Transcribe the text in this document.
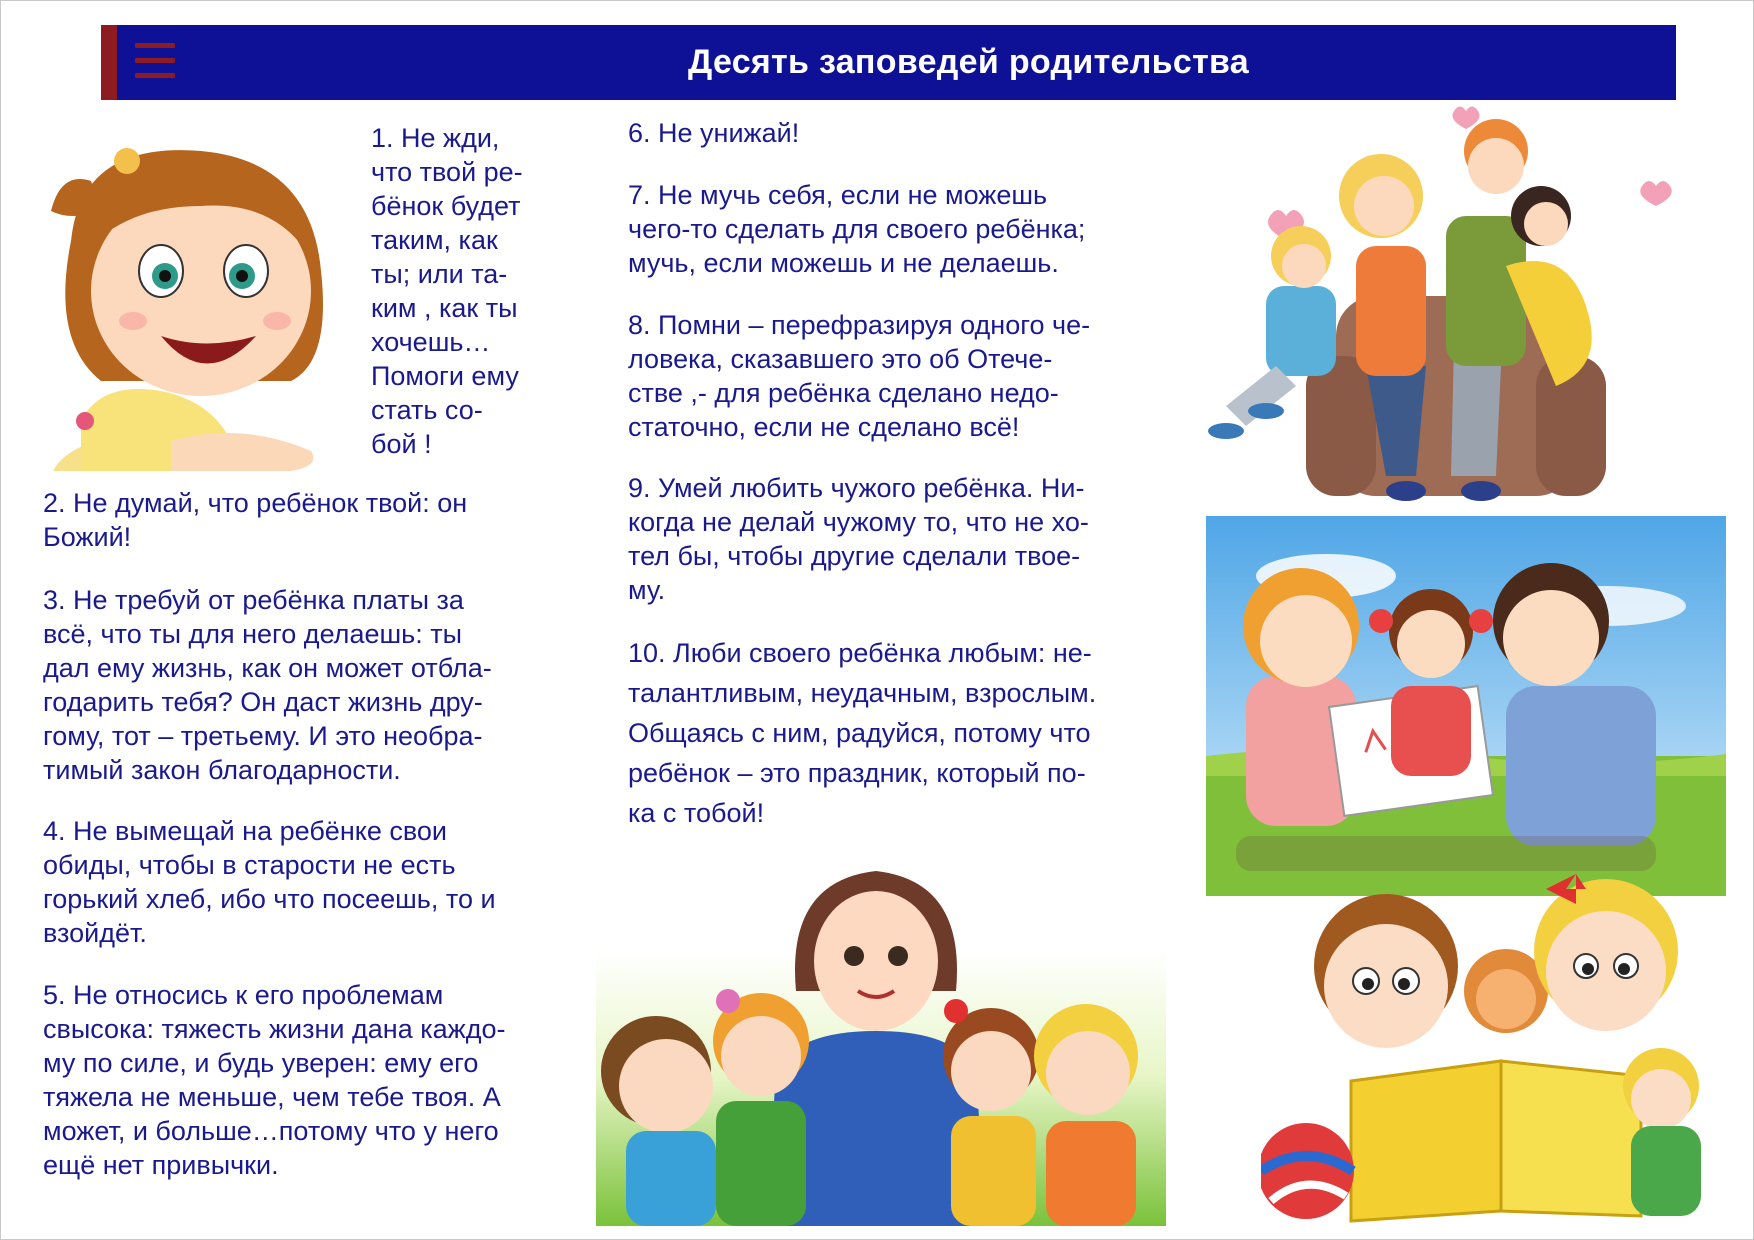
Десять заповедей родительства

1. Не жди,
что твой ре-
бёнок будет
таким, как
ты; или та-
ким , как ты
хочешь…
Помоги ему
стать со-
бой !

2. Не думай, что ребёнок твой: он
Божий!

3. Не требуй от ребёнка платы за
всё, что ты для него делаешь: ты
дал ему жизнь, как он может отбла-
годарить тебя? Он даст жизнь дру-
гому, тот – третьему. И это необра-
тимый закон благодарности.

4. Не вымещай на ребёнке свои
обиды, чтобы в старости не есть
горький хлеб, ибо что посеешь, то и
взойдёт.

5. Не относись к его проблемам
свысока: тяжесть жизни дана каждо-
му по силе, и будь уверен: ему его
тяжела не меньше, чем тебе твоя. А
может, и больше…потому что у него
ещё нет привычки.

6. Не унижай!

7. Не мучь себя, если не можешь
чего-то сделать для своего ребёнка;
мучь, если можешь и не делаешь.

8. Помни – перефразируя одного че-
ловека, сказавшего это об Отече-
стве ,- для ребёнка сделано недо-
статочно, если не сделано всё!

9. Умей любить чужого ребёнка. Ни-
когда не делай чужому то, что не хо-
тел бы, чтобы другие сделали твое-
му.

10. Люби своего ребёнка любым: не-
талантливым, неудачным, взрослым.
Общаясь с ним, радуйся, потому что
ребёнок – это праздник, который по-
ка с тобой!
